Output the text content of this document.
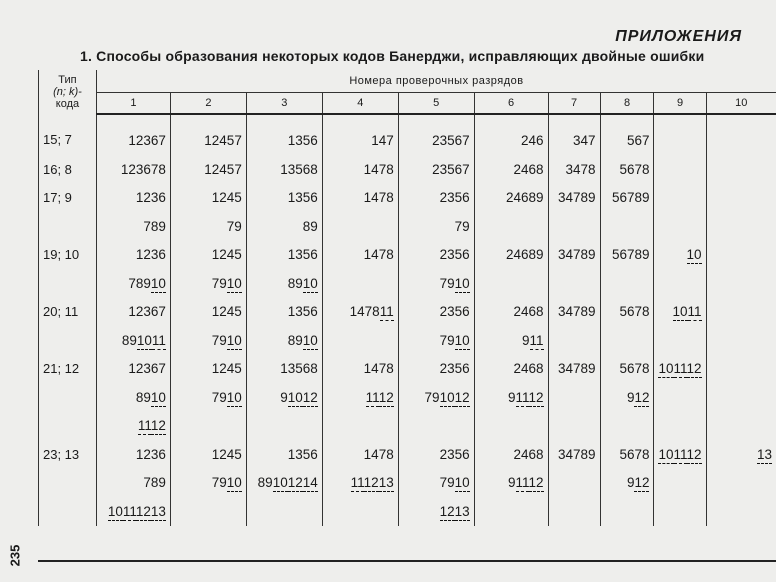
ПРИЛОЖЕНИЯ
1. Способы образования некоторых кодов Банерджи, исправляющих двойные ошибки
235
Тип
(n; k)-
кода	Номера проверочных разрядов									
	1	2	3	4	5	6	7	8	9	10
15; 7	12367	12457	1356	147	23567	246	347	567		
16; 8	123678	12457	13568	1478	23567	2468	3478	5678		
17; 9	1236	1245	1356	1478	2356	24689	34789	56789		
	789	79	89		79					
19; 10	1236	1245	1356	1478	2356	24689	34789	56789	10	
	78910	7910	8910		7910					
20; 11	12367	1245	1356	147811	2356	2468	34789	5678	1011	
	891011	7910	8910		7910	911				
21; 12	12367	1245	13568	1478	2356	2468	34789	5678	101112	
	8910	7910	91012	1112	791012	91112		912		
	1112									
23; 13	1236	1245	1356	1478	2356	2468	34789	5678	101112	13
	789	7910	89101214	111213	7910	91112		912		
	10111213				1213					
